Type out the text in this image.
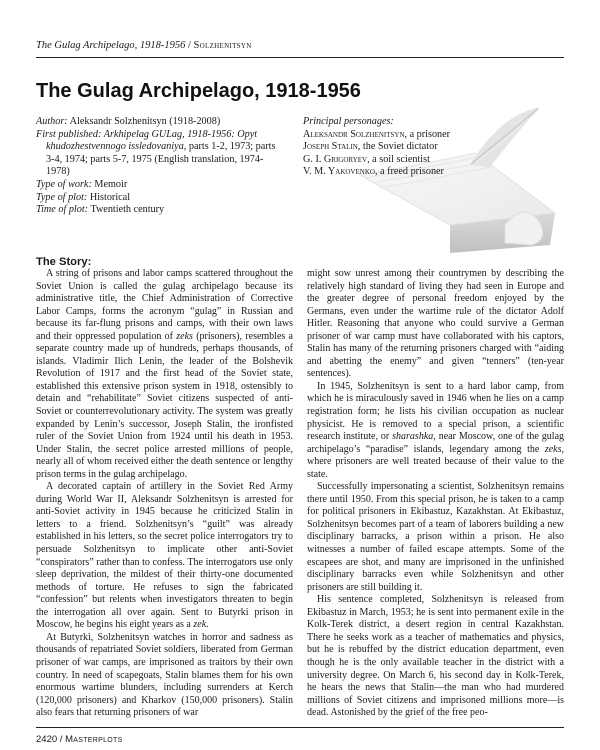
The Gulag Archipelago, 1918-1956 / Solzhenitsyn
The Gulag Archipelago, 1918-1956

Author: Aleksandr Solzhenitsyn (1918-2008)

First published: Arkhipelag GULag, 1918-1956: Opyt khudozhestvennogo issledovaniya, parts 1-2, 1973; parts 3-4, 1974; parts 5-7, 1975 (English translation, 1974-1978)

Type of work: Memoir

Type of plot: Historical

Time of plot: Twentieth century

Principal personages:

Aleksandr Solzhenitsyn, a prisoner

Joseph Stalin, the Soviet dictator

G. I. Grigoryev, a soil scientist

V. M. Yakovenko, a freed prisoner

The Story:

A string of prisons and labor camps scattered throughout the Soviet Union is called the gulag archipelago because its administrative title, the Chief Administration of Corrective Labor Camps, forms the acronym “gulag” in Russian and because its far-flung prisons and camps, with their own laws and their oppressed population of zeks (prisoners), resembles a separate country made up of hundreds, perhaps thousands, of islands. Vladimir Ilich Lenin, the leader of the Bolshevik Revolution of 1917 and the first head of the Soviet state, established this extensive prison system in 1918, ostensibly to detain and “rehabilitate” Soviet citizens suspected of anti-Soviet or counterrevolutionary activity. The system was greatly expanded by Lenin’s successor, Joseph Stalin, the ironfisted ruler of the Soviet Union from 1924 until his death in 1953. Under Stalin, the secret police arrested millions of people, nearly all of whom received either the death sentence or lengthy prison terms in the gulag archipelago.

A decorated captain of artillery in the Soviet Red Army during World War II, Aleksandr Solzhenitsyn is arrested for anti-Soviet activity in 1945 because he criticized Stalin in letters to a friend. Solzhenitsyn’s “guilt” was already established in his letters, so the secret police interrogators try to persuade Solzhenitsyn to implicate other anti-Soviet “conspirators” rather than to confess. The interrogators use only sleep deprivation, the mildest of their thirty-one documented methods of torture. He refuses to sign the fabricated “confession” but relents when investigators threaten to begin the interrogation all over again. Sent to Butyrki prison in Moscow, he begins his eight years as a zek.

At Butyrki, Solzhenitsyn watches in horror and sadness as thousands of repatriated Soviet soldiers, liberated from German prisoner of war camps, are imprisoned as traitors by their own country. In need of scapegoats, Stalin blames them for his own enormous wartime blunders, including surrenders at Kerch (120,000 prisoners) and Kharkov (150,000 prisoners). Stalin also fears that returning prisoners of war

might sow unrest among their countrymen by describing the relatively high standard of living they had seen in Europe and the greater degree of personal freedom enjoyed by the Germans, even under the wartime rule of the dictator Adolf Hitler. Reasoning that anyone who could survive a German prisoner of war camp must have collaborated with his captors, Stalin has many of the returning prisoners charged with “aiding and abetting the enemy” and given “tenners” (ten-year sentences).

In 1945, Solzhenitsyn is sent to a hard labor camp, from which he is miraculously saved in 1946 when he lies on a camp registration form; he lists his civilian occupation as nuclear physicist. He is removed to a special prison, a scientific research institute, or sharashka, near Moscow, one of the gulag archipelago’s “paradise” islands, legendary among the zeks, where prisoners are well treated because of their value to the state.

Successfully impersonating a scientist, Solzhenitsyn remains there until 1950. From this special prison, he is taken to a camp for political prisoners in Ekibastuz, Kazakhstan. At Ekibastuz, Solzhenitsyn becomes part of a team of laborers building a new disciplinary barracks, a prison within a prison. He also witnesses a number of failed escape attempts. Some of the escapees are shot, and many are imprisoned in the unfinished disciplinary barracks even while Solzhenitsyn and other prisoners are still building it.

His sentence completed, Solzhenitsyn is released from Ekibastuz in March, 1953; he is sent into permanent exile in the Kolk-Terek district, a desert region in central Kazakhstan. There he seeks work as a teacher of mathematics and physics, but he is rebuffed by the district education department, even though he is the only available teacher in the district with a university degree. On March 6, his second day in Kolk-Terek, he hears the news that Stalin—the man who had murdered millions of Soviet citizens and imprisoned millions more—is dead. Astonished by the grief of the free peo-

2420 / Masterplots
